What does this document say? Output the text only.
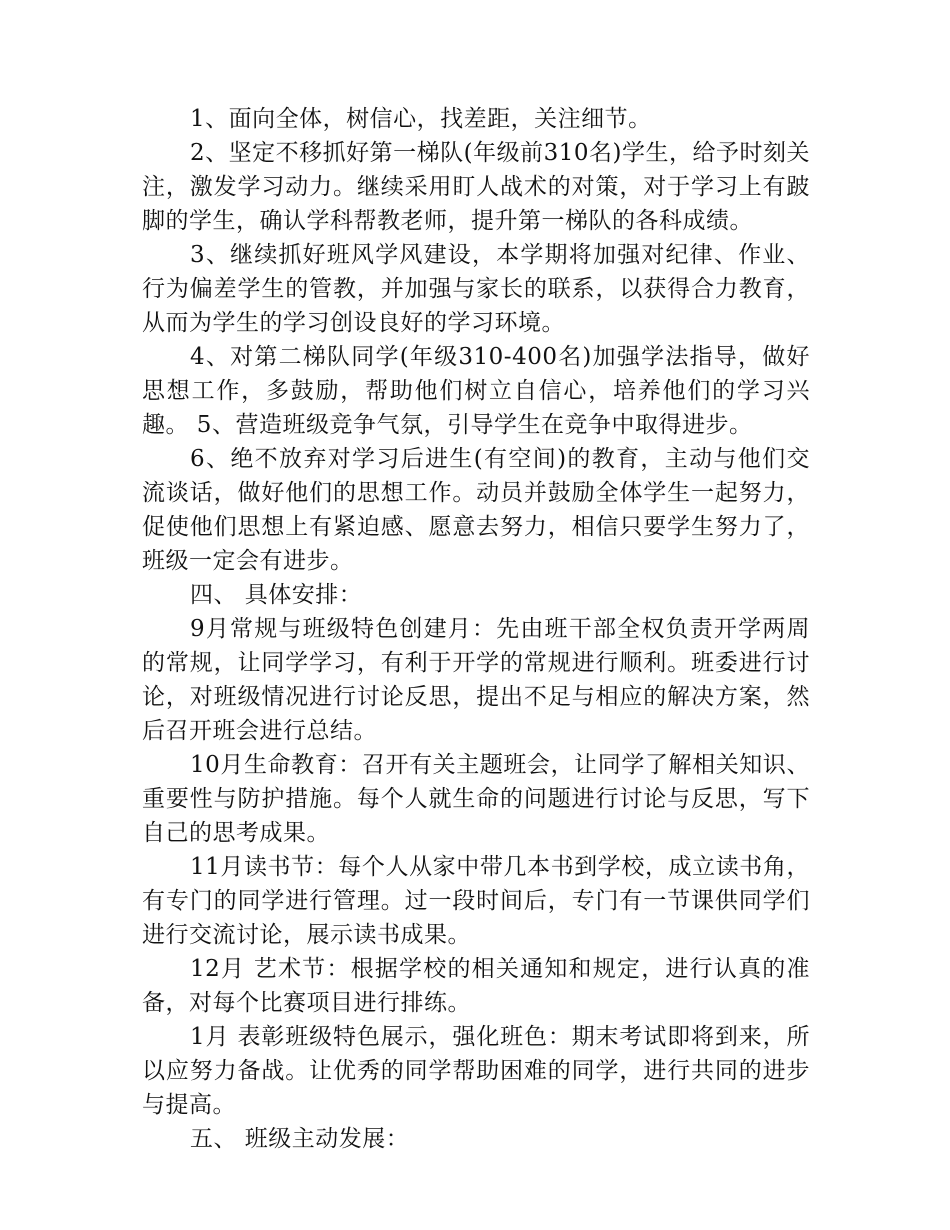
1、面向全体，树信心，找差距，关注细节。

2、坚定不移抓好第一梯队(年级前310名)学生，给予时刻关注，激发学习动力。继续采用盯人战术的对策，对于学习上有跛脚的学生，确认学科帮教老师，提升第一梯队的各科成绩。

3、继续抓好班风学风建设，本学期将加强对纪律、作业、行为偏差学生的管教，并加强与家长的联系，以获得合力教育，从而为学生的学习创设良好的学习环境。

4、对第二梯队同学(年级310-400名)加强学法指导，做好思想工作，多鼓励，帮助他们树立自信心，培养他们的学习兴趣。 5、营造班级竞争气氛，引导学生在竞争中取得进步。

6、绝不放弃对学习后进生(有空间)的教育，主动与他们交流谈话，做好他们的思想工作。动员并鼓励全体学生一起努力，促使他们思想上有紧迫感、愿意去努力，相信只要学生努力了，班级一定会有进步。

四、 具体安排：

9月常规与班级特色创建月：先由班干部全权负责开学两周的常规，让同学学习，有利于开学的常规进行顺利。班委进行讨论，对班级情况进行讨论反思，提出不足与相应的解决方案，然后召开班会进行总结。

10月生命教育：召开有关主题班会，让同学了解相关知识、重要性与防护措施。每个人就生命的问题进行讨论与反思，写下自己的思考成果。

11月读书节：每个人从家中带几本书到学校，成立读书角，有专门的同学进行管理。过一段时间后，专门有一节课供同学们进行交流讨论，展示读书成果。

12月 艺术节：根据学校的相关通知和规定，进行认真的准备，对每个比赛项目进行排练。

1月 表彰班级特色展示，强化班色：期末考试即将到来，所以应努力备战。让优秀的同学帮助困难的同学，进行共同的进步与提高。

五、 班级主动发展：
